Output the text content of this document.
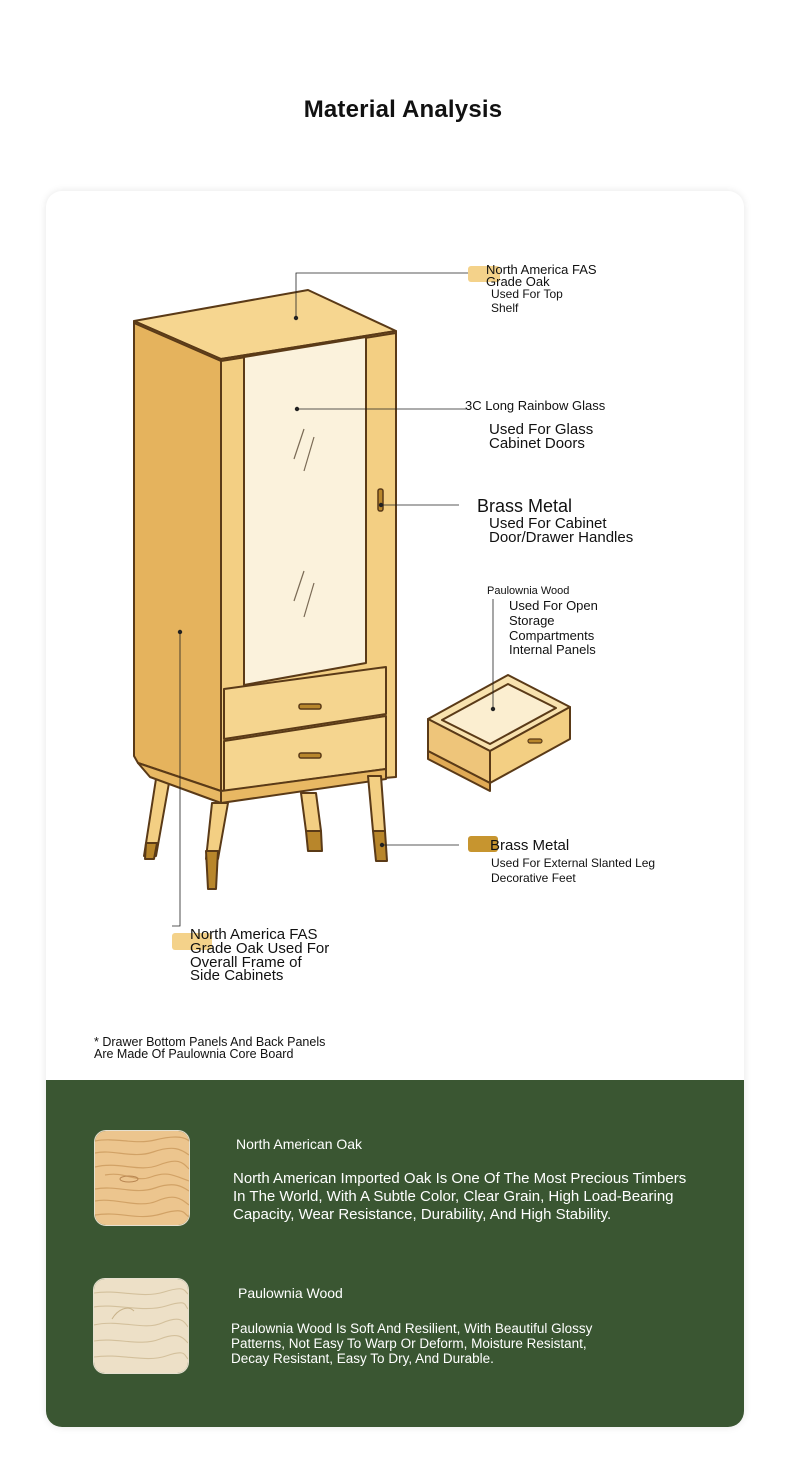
Material Analysis
North America FAS
Grade Oak
Used For Top
Shelf
3C Long Rainbow Glass
Used For Glass
Cabinet Doors
Brass Metal
Used For Cabinet
Door/Drawer Handles
Paulownia Wood
Used For Open
Storage
Compartments
Internal Panels
Brass Metal
Used For External Slanted Leg
Decorative Feet
North America FAS
Grade Oak Used For
Overall Frame of
Side Cabinets
* Drawer Bottom Panels And Back Panels
Are Made Of Paulownia Core Board
North American Oak
North American Imported Oak Is One Of The Most Precious Timbers
In The World, With A Subtle Color, Clear Grain, High Load-Bearing
Capacity, Wear Resistance, Durability, And High Stability.
Paulownia Wood
Paulownia Wood Is Soft And Resilient, With Beautiful Glossy
Patterns, Not Easy To Warp Or Deform, Moisture Resistant,
Decay Resistant, Easy To Dry, And Durable.
